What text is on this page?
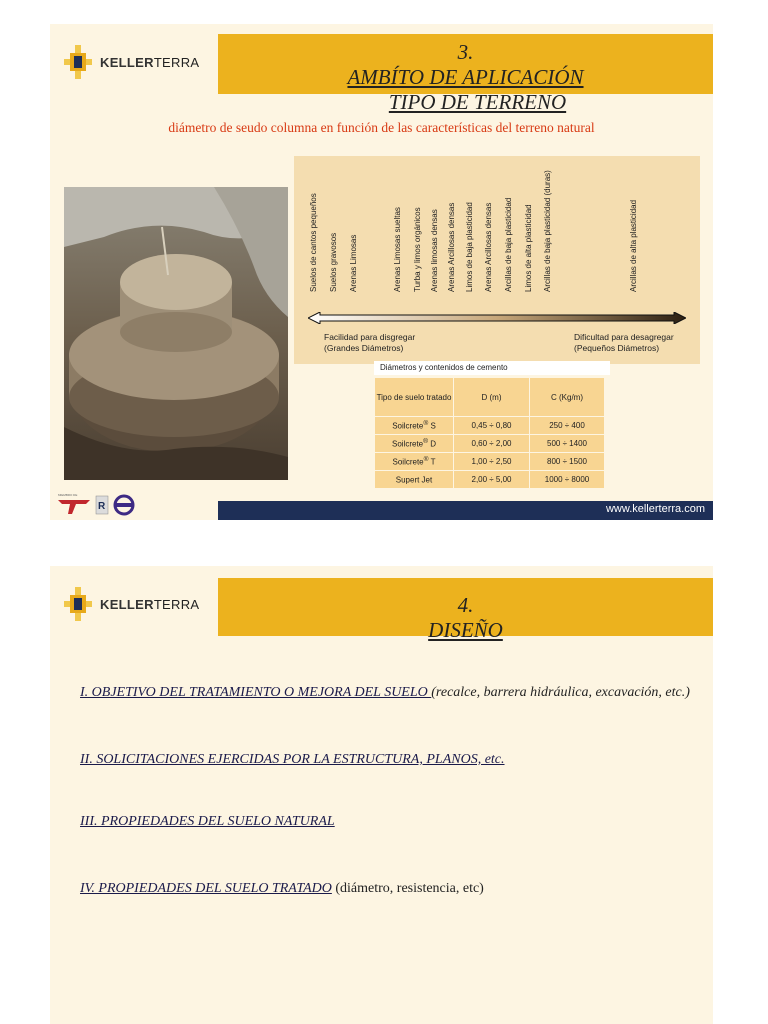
KELLERTERRA	3.
AMBÍTO DE APLICACIÓN
TIPO DE TERRENO
diámetro de seudo columna en función de las características del terreno natural
Suelos de cantos pequeños Suelos gravosos Arenas Limosas	Arenas Limosas sueltas Turba y limos orgánicos Arenas limosas densas Arenas Arcillosas densas Limos de baja plasticidad Arenas Arcillosas densas Arcillas de baja plasticidad Limos de alta plasticidad Arcillas de baja plasticidad (duras)	Arcillas de alta plasticidad
Facilidad para disgregar
(Grandes Diámetros)
Dificultad para desagregar
(Pequeños Diámetros)
Diámetros y contenidos de cemento
Tipo de suelo tratado	D (m)	C (Kg/m)
Soilcrete® S	0,45 ÷ 0,80	250 ÷ 400
Soilcrete® D	0,60 ÷ 2,00	500 ÷ 1400
Soilcrete® T	1,00 ÷ 2,50	800 ÷ 1500
Supert Jet	2,00 ÷ 5,00	1000 ÷ 8000
MIEMBRO DE
R	www.kellerterra.com
KELLERTERRA	4.
DISEÑO
I. OBJETIVO DEL TRATAMIENTO O MEJORA DEL SUELO (recalce, barrera hidráulica, excavación, etc.)
II. SOLICITACIONES EJERCIDAS POR LA ESTRUCTURA, PLANOS, etc.
III. PROPIEDADES DEL SUELO NATURAL
IV. PROPIEDADES DEL SUELO TRATADO (diámetro, resistencia, etc)
